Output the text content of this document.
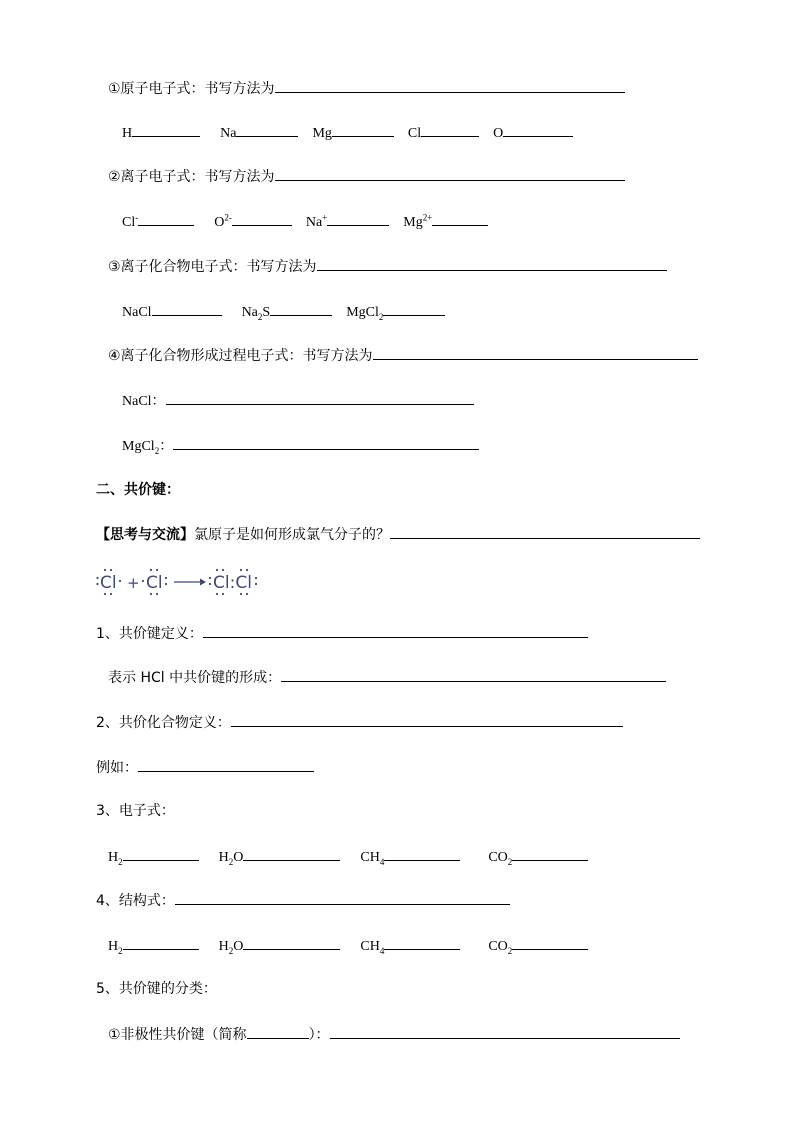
①原子电子式：书写方法为
H	Na	Mg	Cl	O
②离子电子式：书写方法为
Cl-	$O^{2-}$	Na+	$Mg^{2+}$
③离子化合物电子式：书写方法为
NaCl	$Na_2S$	MgCl$_2$
④离子化合物形成过程电子式：书写方法为
NaCl：
MgCl$_2$：
二、共价键：
【思考与交流】氯原子是如何形成氯气分子的？
Cl + Cl	Cl:Cl
1、共价键定义：
表示 HCl 中共价键的形成：
2、共价化合物定义：
例如：
3、电子式：
$H_2$	$H_2O$	$CH_4$	$CO_2$
4、结构式：
$H_2$	$H_2O$	$CH_4$	$CO_2$
5、共价键的分类：
①非极性共价键（简称	）：
